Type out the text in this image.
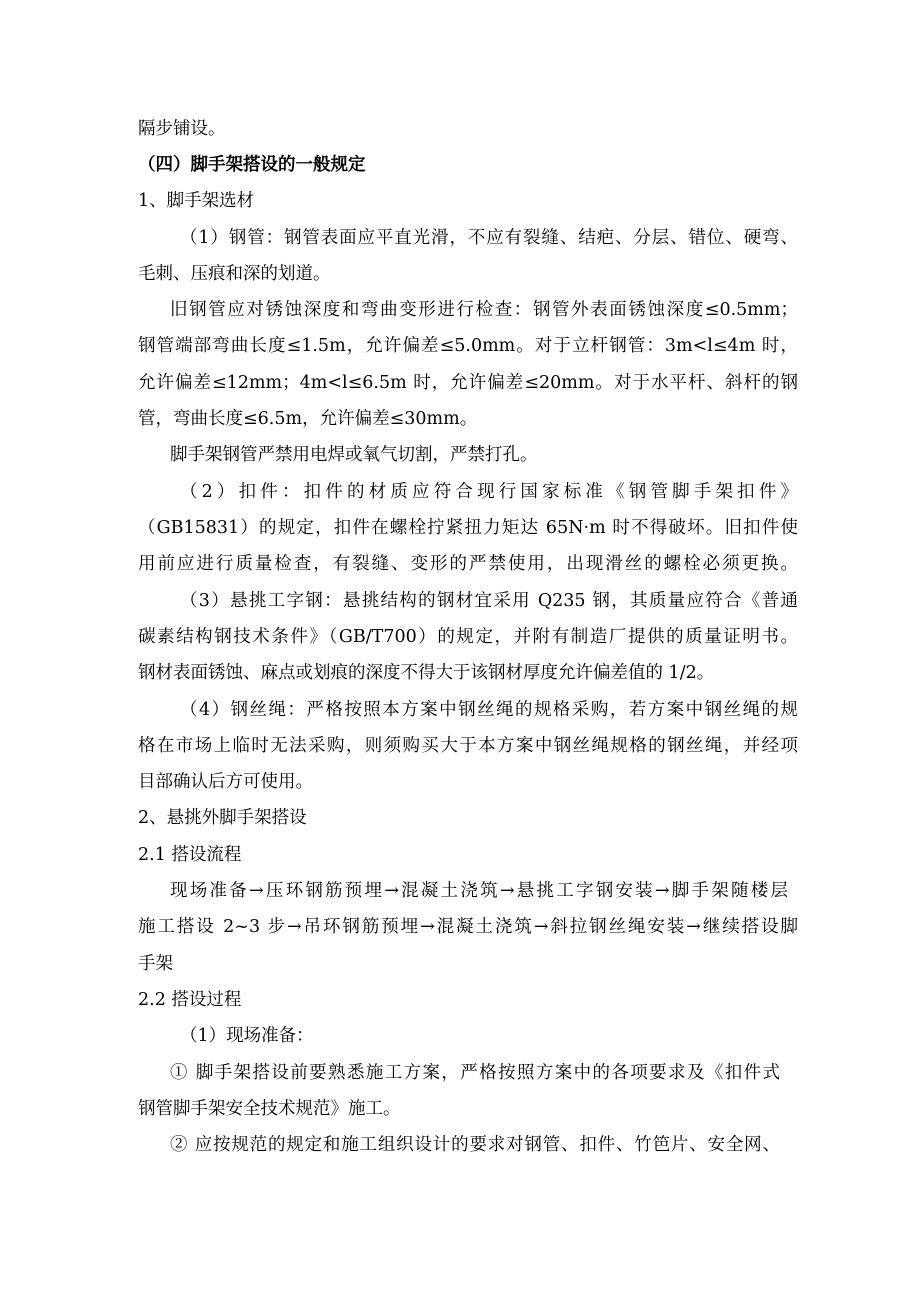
隔步铺设。
（四）脚手架搭设的一般规定
1、脚手架选材
（1）钢管：钢管表面应平直光滑，不应有裂缝、结疤、分层、错位、硬弯、
毛刺、压痕和深的划道。
旧钢管应对锈蚀深度和弯曲变形进行检查：钢管外表面锈蚀深度≤0.5mm；
钢管端部弯曲长度≤1.5m，允许偏差≤5.0mm。对于立杆钢管：3m<l≤4m 时，
允许偏差≤12mm；4m<l≤6.5m 时，允许偏差≤20mm。对于水平杆、斜杆的钢
管，弯曲长度≤6.5m，允许偏差≤30mm。
脚手架钢管严禁用电焊或氧气切割，严禁打孔。
（2）扣件：扣件的材质应符合现行国家标准《钢管脚手架扣件》
（GB15831）的规定，扣件在螺栓拧紧扭力矩达 65N·m 时不得破坏。旧扣件使
用前应进行质量检查，有裂缝、变形的严禁使用，出现滑丝的螺栓必须更换。
（3）悬挑工字钢：悬挑结构的钢材宜采用 Q235 钢，其质量应符合《普通
碳素结构钢技术条件》（GB/T700）的规定，并附有制造厂提供的质量证明书。
钢材表面锈蚀、麻点或划痕的深度不得大于该钢材厚度允许偏差值的 1/2。
（4）钢丝绳：严格按照本方案中钢丝绳的规格采购，若方案中钢丝绳的规
格在市场上临时无法采购，则须购买大于本方案中钢丝绳规格的钢丝绳，并经项
目部确认后方可使用。
2、悬挑外脚手架搭设
2.1 搭设流程
现场准备→压环钢筋预埋→混凝土浇筑→悬挑工字钢安装→脚手架随楼层
施工搭设 2~3 步→吊环钢筋预埋→混凝土浇筑→斜拉钢丝绳安装→继续搭设脚
手架
2.2 搭设过程
（1）现场准备：
① 脚手架搭设前要熟悉施工方案，严格按照方案中的各项要求及《扣件式
钢管脚手架安全技术规范》施工。
② 应按规范的规定和施工组织设计的要求对钢管、扣件、竹笆片、安全网、
